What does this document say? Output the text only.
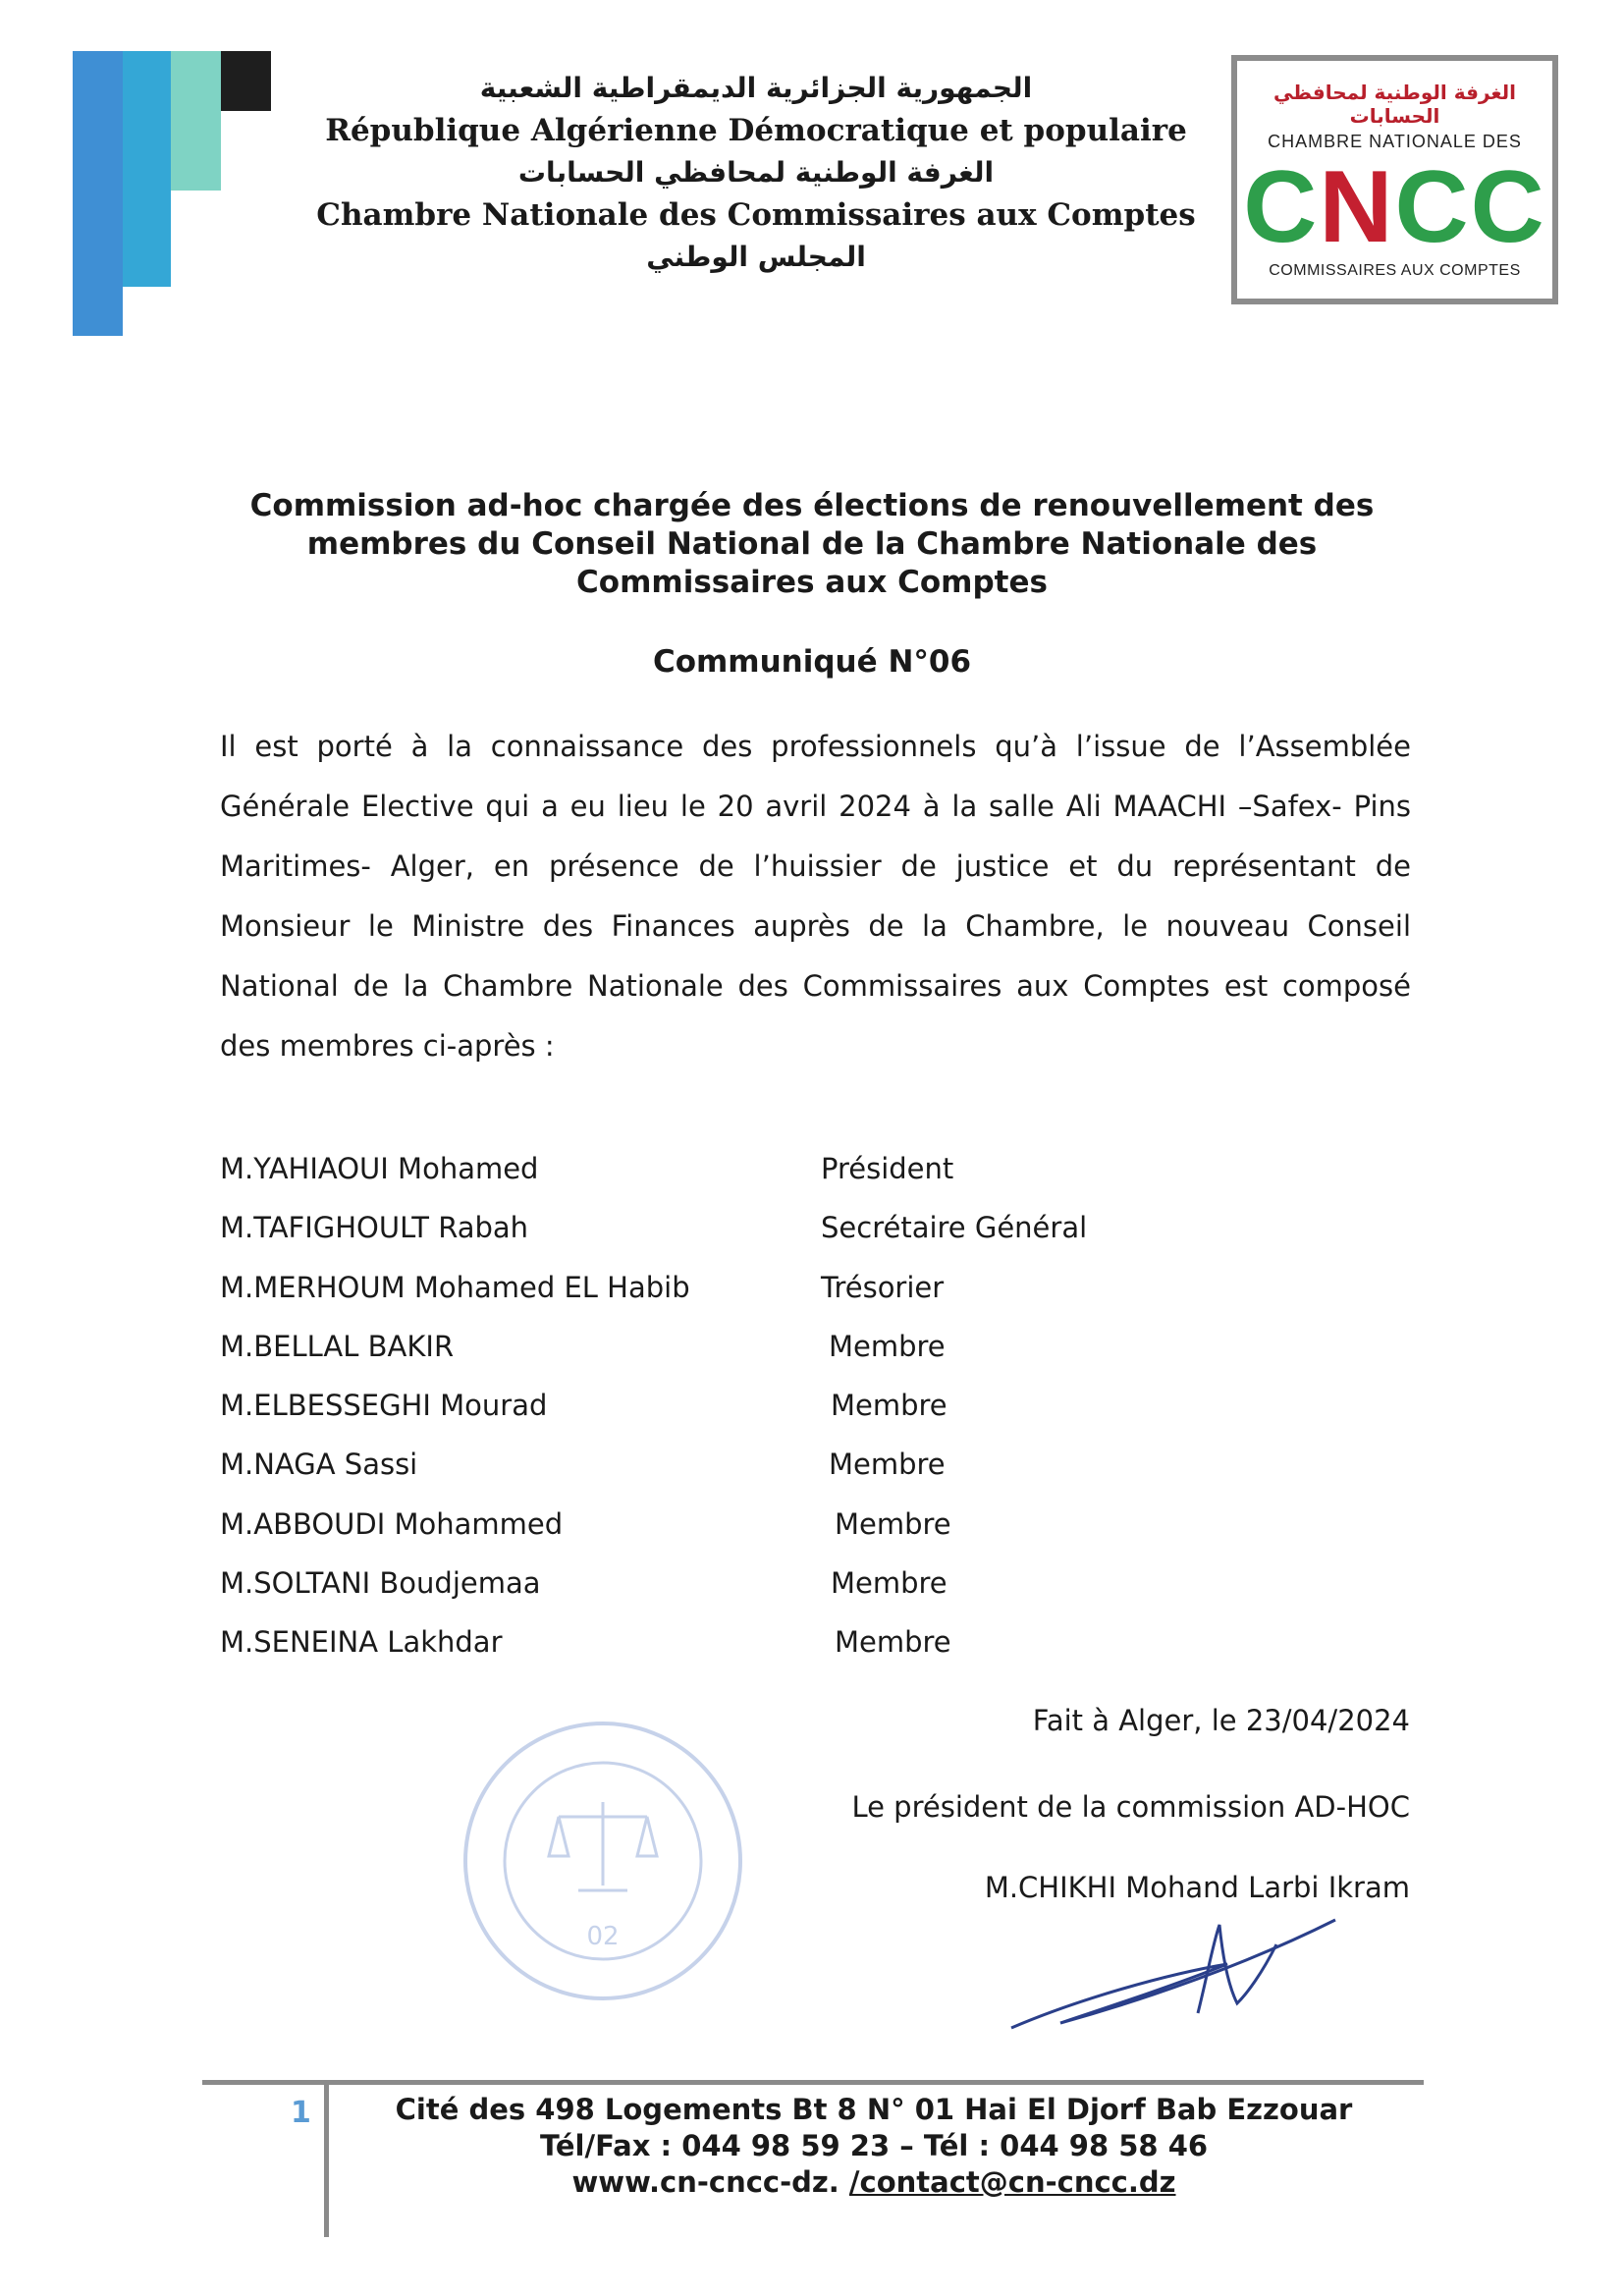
الجمهورية الجزائرية الديمقراطية الشعبية
République Algérienne Démocratique et populaire
الغرفة الوطنية لمحافظي الحسابات
Chambre Nationale des Commissaires aux Comptes
المجلس الوطني
الغرفة الوطنية لمحافظي الحسابات
CHAMBRE NATIONALE DES
CNCC
COMMISSAIRES AUX COMPTES
Commission ad-hoc chargée des élections de renouvellement des membres du Conseil National de la Chambre Nationale des Commissaires aux Comptes
Communiqué N°06
Il est porté à la connaissance des professionnels qu’à l’issue de l’Assemblée Générale Elective qui a eu lieu le 20 avril 2024 à la salle Ali MAACHI –Safex- Pins Maritimes- Alger, en présence de l’huissier de justice et du représentant de Monsieur le Ministre des Finances auprès de la Chambre, le nouveau Conseil National de la Chambre Nationale des Commissaires aux Comptes est composé des membres ci-après :
M.YAHIAOUI Mohamed	Président
M.TAFIGHOULT Rabah	Secrétaire Général
M.MERHOUM Mohamed EL Habib	Trésorier
M.BELLAL BAKIR	Membre
M.ELBESSEGHI Mourad	Membre
M.NAGA Sassi	Membre
M.ABBOUDI Mohammed	Membre
M.SOLTANI Boudjemaa	Membre
M.SENEINA Lakhdar	Membre
02
Fait à Alger, le 23/04/2024
Le président de la commission AD-HOC
M.CHIKHI Mohand Larbi Ikram
1	Cité des 498 Logements Bt 8 N° 01 Hai El Djorf Bab Ezzouar
Tél/Fax : 044 98 59 23 – Tél : 044 98 58 46
www.cn-cncc-dz. /contact@cn-cncc.dz
